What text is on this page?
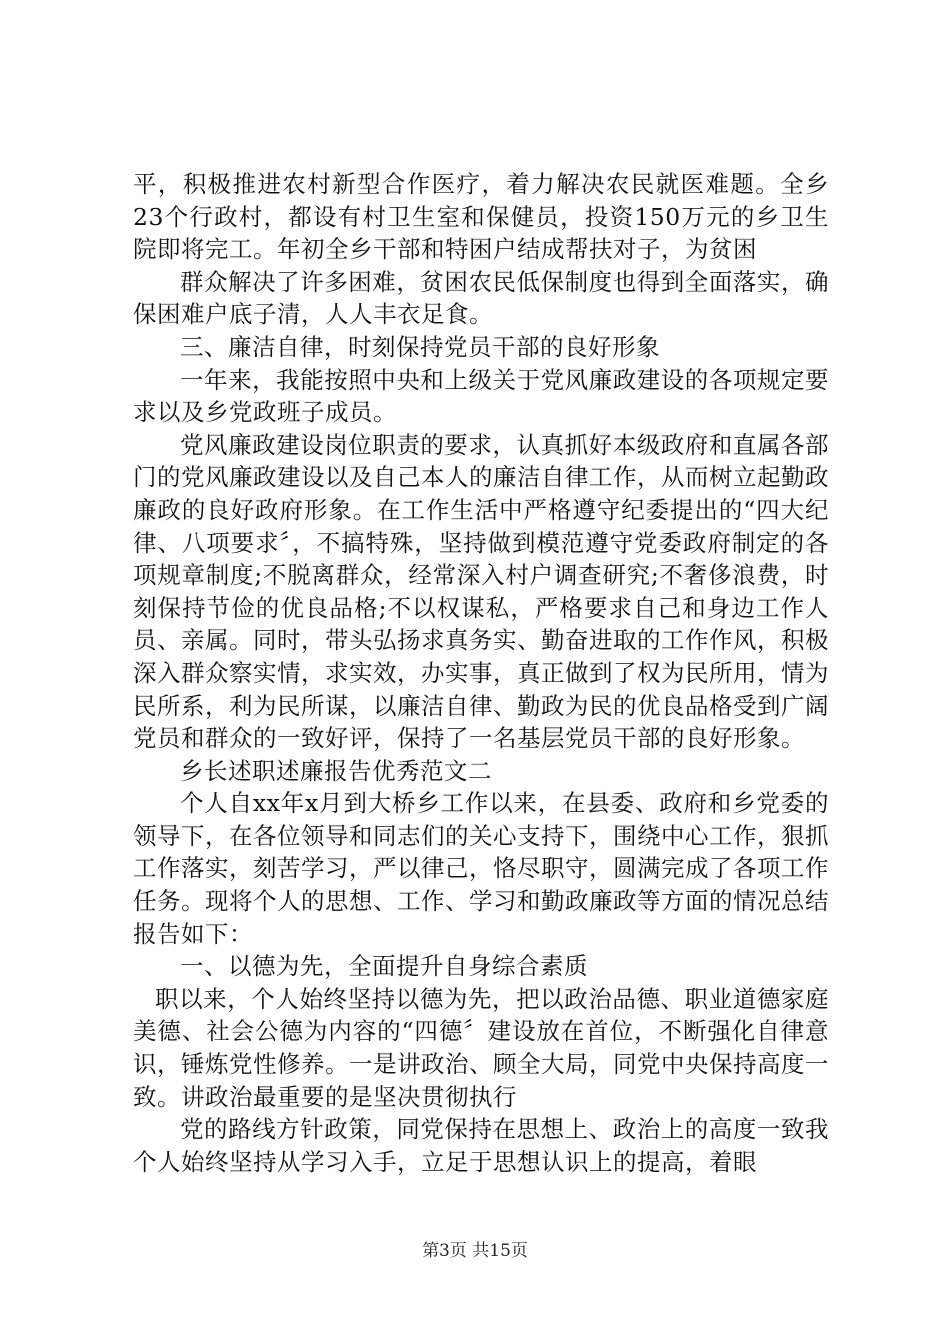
平，积极推进农村新型合作医疗，着力解决农民就医难题。全乡23个行政村，都设有村卫生室和保健员，投资150万元的乡卫生院即将完工。年初全乡干部和特困户结成帮扶对子，为贫困

群众解决了许多困难，贫困农民低保制度也得到全面落实，确保困难户底子清，人人丰衣足食。

三、廉洁自律，时刻保持党员干部的良好形象

一年来，我能按照中央和上级关于党风廉政建设的各项规定要求以及乡党政班子成员。

党风廉政建设岗位职责的要求，认真抓好本级政府和直属各部门的党风廉政建设以及自己本人的廉洁自律工作，从而树立起勤政廉政的良好政府形象。在工作生活中严格遵守纪委提出的“四大纪律、八项要求〞，不搞特殊，坚持做到模范遵守党委政府制定的各项规章制度;不脱离群众，经常深入村户调查研究;不奢侈浪费，时刻保持节俭的优良品格;不以权谋私，严格要求自己和身边工作人员、亲属。同时，带头弘扬求真务实、勤奋进取的工作作风，积极深入群众察实情，求实效，办实事，真正做到了权为民所用，情为民所系，利为民所谋，以廉洁自律、勤政为民的优良品格受到广阔党员和群众的一致好评，保持了一名基层党员干部的良好形象。

乡长述职述廉报告优秀范文二

个人自xx年x月到大桥乡工作以来，在县委、政府和乡党委的领导下，在各位领导和同志们的关心支持下，围绕中心工作，狠抓工作落实，刻苦学习，严以律己，恪尽职守，圆满完成了各项工作任务。现将个人的思想、工作、学习和勤政廉政等方面的情况总结报告如下：

一、以德为先，全面提升自身综合素质

职以来，个人始终坚持以德为先，把以政治品德、职业道德家庭美德、社会公德为内容的“四德〞建设放在首位，不断强化自律意识，锤炼党性修养。一是讲政治、顾全大局，同党中央保持高度一致。讲政治最重要的是坚决贯彻执行

党的路线方针政策，同党保持在思想上、政治上的高度一致我个人始终坚持从学习入手，立足于思想认识上的提高，着眼

第3页 共15页
